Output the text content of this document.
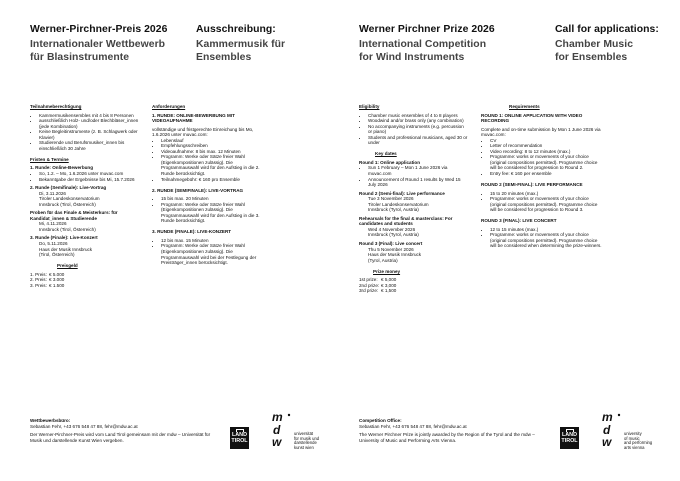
Werner-Pirchner-Preis 2026
Internationaler Wettbewerb
für Blasinstrumente
Ausschreibung:
Kammermusik für
Ensembles
Werner Pirchner Prize 2026
International Competition
for Wind Instruments
Call for applications:
Chamber Music
for Ensembles
Teilnahmeberechtigung
• Kammermusikensembles mit 4 bis 8 Personen
• ausschließlich Holz- und/oder Blechbläser_innen (jede Kombination)
• Keine Begleitinstrumente (z. B. Schlagwerk oder Klavier)
• Studierende und Berufsmusiker_innen bis einschließlich 30 Jahre
Fristen & Termine
1. Runde: Online-Bewerbung
• So, 1.2. – Mo, 1.6.2026 unter muvac.com
• Bekanntgabe der Ergebnisse bis Mi, 15.7.2026
2. Runde (Semifinale): Live-Vortrag
Di, 3.11.2026
Tiroler Landeskonservatorium
Innsbruck (Tirol, Österreich)
Proben für das Finale & Meisterkurs: für Kandidat_innen & Studierende
Mi, 4.11.2026
Innsbruck (Tirol, Österreich)
3. Runde (Finale): Live-Konzert
Do, 5.11.2026
Haus der Musik Innsbruck
(Tirol, Österreich)
Preisgeld
1. Preis: € 5.000
2. Preis: € 3.000
3. Preis: € 1.500
Anforderungen
1. RUNDE: ONLINE-BEWERBUNG MIT VIDEOAUFNAHME
vollständige und fristgerechte Einreichung bis Mo, 1.6.2026 unter muvac.com:
• Lebenslauf
• Empfehlungsschreiben
• Videoaufnahme: 8 bis max. 12 Minuten
• Programm: Werke oder Sätze freier Wahl (Eigenkompositionen zulässig). Die Programmauswahl wird für den Aufstieg in die 2. Runde berücksichtigt.
• Teilnahmegebühr: € 160 pro Ensemble
2. RUNDE (SEMIFINALE): LIVE-VORTRAG
• 15 bis max. 20 Minuten
• Programm: Werke oder Sätze freier Wahl (Eigenkompositionen zulässig). Die Programmauswahl wird für den Aufstieg in die 3. Runde berücksichtigt.
3. RUNDE (FINALE): LIVE-KONZERT
• 12 bis max. 15 Minuten
• Programm: Werke oder Sätze freier Wahl (Eigenkompositionen zulässig). Die Programmauswahl wird bei der Festlegung der Preisträger_innen berücksichtigt.
Eligibility
• Chamber music ensembles of 4 to 8 players
• Woodwind and/or brass only (any combination)
• No accompanying instruments (e.g. percussion or piano)
• Students and professional musicians, aged 30 or under
Key dates
Round 1: Online application
• Sun 1 February – Mon 1 June 2026 via muvac.com
• Announcement of Round 1 results by Wed 15 July 2026
Round 2 (Semi-final): Live performance
Tue 3 November 2026
Tiroler Landeskonservatorium
Innsbruck (Tyrol, Austria)
Rehearsals for the final & masterclass: For candidates and students
Wed 4 November 2026
Innsbruck (Tyrol, Austria)
Round 3 (Final): Live concert
Thu 5 November 2026
Haus der Musik Innsbruck
(Tyrol, Austria)
Prize money
1st prize: € 5,000
2nd prize: € 3,000
3rd prize: € 1,500
Requirements
ROUND 1: ONLINE APPLICATION WITH VIDEO RECORDING
Complete and on-time submission by Mon 1 June 2026 via muvac.com:
• CV
• Letter of recommendation
• Video recording: 8 to 12 minutes (max.)
• Programme: works or movements of your choice (original compositions permitted). Programme choice will be considered for progression to Round 2.
• Entry fee: € 160 per ensemble
ROUND 2 (SEMI-FINAL): LIVE PERFORMANCE
• 15 to 20 minutes (max.)
• Programme: works or movements of your choice (original compositions permitted). Programme choice will be considered for progression to Round 3.
ROUND 3 (FINAL): LIVE CONCERT
• 12 to 15 minutes (max.)
• Programme: works or movements of your choice (original compositions permitted). Programme choice will be considered when determining the prize-winners.
Wettbewerbsbüro:
Sebastian Fehr, +43 676 548 47 88, fehr@mdw.ac.at
Der Werner-Pirchner-Preis wird vom Land Tirol gemeinsam mit der mdw – Universität für Musik und darstellende Kunst Wien vergeben.
LAND
TIROL
m
d
w
universität
für musik und
darstellende
kunst wien
Competition Office:
Sebastian Fehr, +43 676 548 47 88, fehr@mdw.ac.at
The Werner Pirchner Prize is jointly awarded by the Region of the Tyrol and the mdw – University of Music and Performing Arts Vienna.
LAND
TIROL
m
d
w
university
of music
and performing
arts vienna
